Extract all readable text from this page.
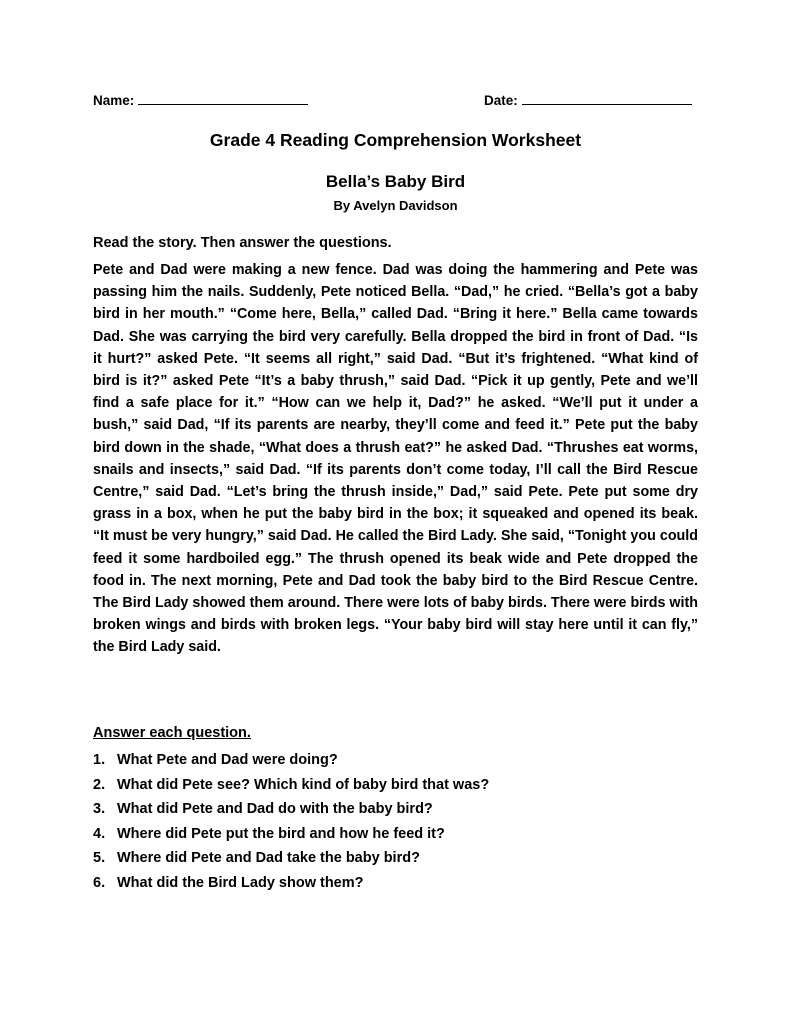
Name:	Date:
Grade 4 Reading Comprehension Worksheet
Bella’s Baby Bird
By Avelyn Davidson
Read the story. Then answer the questions.

Pete and Dad were making a new fence. Dad was doing the hammering and Pete was passing him the nails. Suddenly, Pete noticed Bella. “Dad,” he cried. “Bella’s got a baby bird in her mouth.” “Come here, Bella,” called Dad. “Bring it here.” Bella came towards Dad. She was carrying the bird very carefully. Bella dropped the bird in front of Dad. “Is it hurt?” asked Pete. “It seems all right,” said Dad. “But it’s frightened. “What kind of bird is it?” asked Pete “It’s a baby thrush,” said Dad. “Pick it up gently, Pete and we’ll find a safe place for it.” “How can we help it, Dad?” he asked. “We’ll put it under a bush,” said Dad, “If its parents are nearby, they’ll come and feed it.” Pete put the baby bird down in the shade, “What does a thrush eat?” he asked Dad. “Thrushes eat worms, snails and insects,” said Dad. “If its parents don’t come today, I’ll call the Bird Rescue Centre,” said Dad. “Let’s bring the thrush inside,” Dad,” said Pete. Pete put some dry grass in a box, when he put the baby bird in the box; it squeaked and opened its beak. “It must be very hungry,” said Dad. He called the Bird Lady. She said, “Tonight you could feed it some hardboiled egg.” The thrush opened its beak wide and Pete dropped the food in. The next morning, Pete and Dad took the baby bird to the Bird Rescue Centre. The Bird Lady showed them around. There were lots of baby birds. There were birds with broken wings and birds with broken legs. “Your baby bird will stay here until it can fly,” the Bird Lady said.

Answer each question.
1. What Pete and Dad were doing?
2. What did Pete see? Which kind of baby bird that was?
3. What did Pete and Dad do with the baby bird?
4. Where did Pete put the bird and how he feed it?
5. Where did Pete and Dad take the baby bird?
6. What did the Bird Lady show them?
